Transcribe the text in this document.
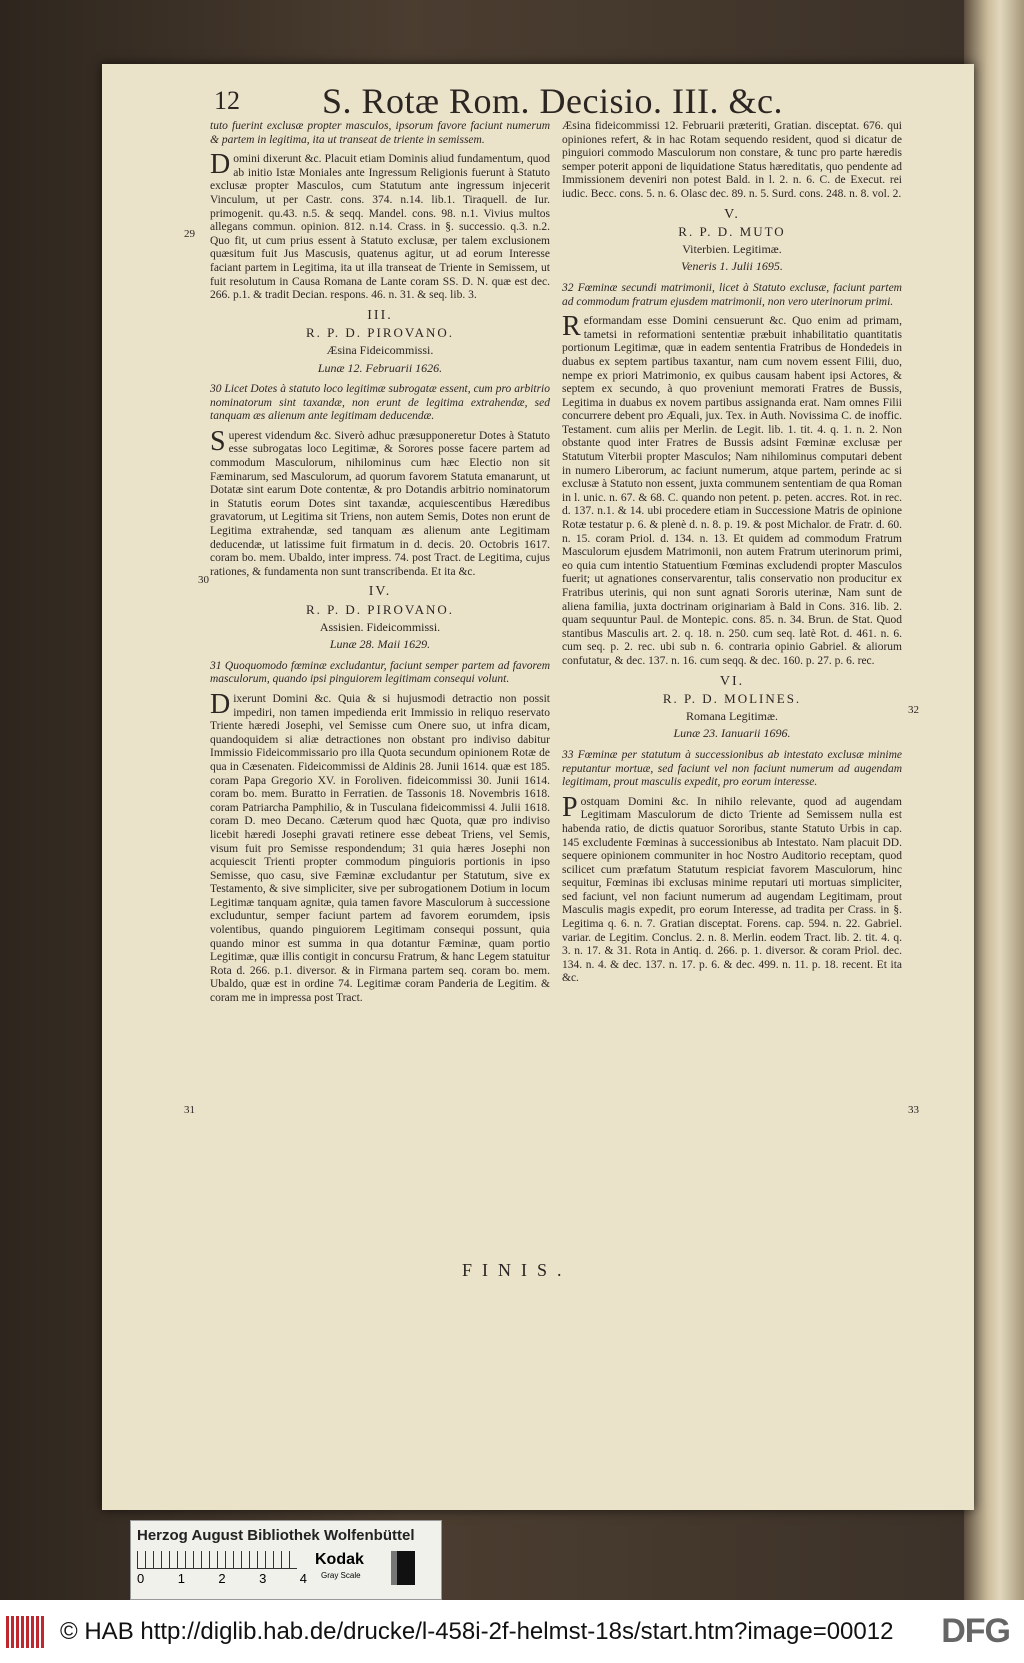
12 S. Rotæ Rom. Decisio. III. &c.

tuto fuerint exclusæ propter masculos, ipsorum favore faciunt numerum & partem in legitima, ita ut transeat de triente in semissem.

Domini dixerunt &c. Placuit etiam Dominis aliud fundamentum, quod ab initio Istæ Moniales ante Ingressum Religionis fuerunt à Statuto exclusæ propter Masculos, cum Statutum ante ingressum injecerit Vinculum, ut per Castr. cons. 374. n.14. lib.1. Tiraquell. de Iur. primogenit. qu.43. n.5. & seqq. Mandel. cons. 98. n.1. Vivius multos allegans commun. opinion. 812. n.14. Crass. in §. successio. q.3. n.2. Quo fit, ut cum prius essent à Statuto exclusæ, per talem exclusionem quæsitum fuit Jus Mascusis, quatenus agitur, ut ad eorum Interesse faciant partem in Legitima, ita ut illa transeat de Triente in Semissem, ut fuit resolutum in Causa Romana de Lante coram SS. D. N. quæ est dec. 266. p.1. & tradit Decian. respons. 46. n. 31. & seq. lib. 3.

III.
R. P. D. PIROVANO.
Æsina Fideicommissi.
Lunæ 12. Februarii 1626.

30 Licet Dotes à statuto loco legitimæ subrogatæ essent, cum pro arbitrio nominatorum sint taxandæ, non erunt de legitima extrahendæ, sed tanquam æs alienum ante legitimam deducendæ.

Superest videndum &c. Siverò adhuc præsupponeretur Dotes à Statuto esse subrogatas loco Legitimæ, & Sorores posse facere partem ad commodum Masculorum, nihilominus cum hæc Electio non sit Fæminarum, sed Masculorum, ad quorum favorem Statuta emanarunt, ut Dotatæ sint earum Dote contentæ, & pro Dotandis arbitrio nominatorum in Statutis eorum Dotes sint taxandæ, acquiescentibus Hæredibus gravatorum, ut Legitima sit Triens, non autem Semis, Dotes non erunt de Legitima extrahendæ, sed tanquam æs alienum ante Legitimam deducendæ, ut latissime fuit firmatum in d. decis. 20. Octobris 1617. coram bo. mem. Ubaldo, inter impress. 74. post Tract. de Legitima, cujus rationes, & fundamenta non sunt transcribenda. Et ita &c.

IV.
R. P. D. PIROVANO.
Assisien. Fideicommissi.
Lunæ 28. Maii 1629.

31 Quoquomodo fœminæ excludantur, faciunt semper partem ad favorem masculorum, quando ipsi pinguiorem legitimam consequi volunt.

Dixerunt Domini &c. Quia & si hujusmodi detractio non possit impediri, non tamen impedienda erit Immissio in reliquo reservato Triente hæredi Josephi, vel Semisse cum Onere suo, ut infra dicam, quandoquidem si aliæ detractiones non obstant pro indiviso dabitur Immissio Fideicommissario pro illa Quota secundum opinionem Rotæ de qua in Cæsenaten. Fideicommissi de Aldinis 28. Junii 1614. quæ est 185. coram Papa Gregorio XV. in Foroliven. fideicommissi 30. Junii 1614. coram bo. mem. Buratto in Ferratien. de Tassonis 18. Novembris 1618. coram Patriarcha Pamphilio, & in Tusculana fideicommissi 4. Julii 1618. coram D. meo Decano. Cæterum quod hæc Quota, quæ pro indiviso licebit hæredi Josephi gravati retinere esse debeat Triens, vel Semis, visum fuit pro Semisse respondendum; 31 quia hæres Josephi non acquiescit Trienti propter commodum pinguioris portionis in ipso Semisse, quo casu, sive Fæminæ excludantur per Statutum, sive ex Testamento, & sive simpliciter, sive per subrogationem Dotium in locum Legitimæ tanquam agnitæ, quia tamen favore Masculorum à successione excluduntur, semper faciunt partem ad favorem eorumdem, ipsis volentibus, quando pinguiorem Legitimam consequi possunt, quia quando minor est summa in qua dotantur Fæminæ, quam portio Legitimæ, quæ illis contigit in concursu Fratrum, & hanc Legem statuitur Rota d. 266. p.1. diversor. & in Firmana partem seq. coram bo. mem. Ubaldo, quæ est in ordine 74. Legitimæ coram Panderia de Legitim. & coram me in impressa post Tract.

Æsina fideicommissi 12. Februarii præteriti, Gratian. disceptat. 676. qui opiniones refert, & in hac Rotam sequendo resident, quod si dicatur de pinguiori commodo Masculorum non constare, & tunc pro parte hæredis semper poterit apponi de liquidatione Status hæreditatis, quo pendente ad Immissionem deveniri non potest Bald. in l. 2. n. 6. C. de Execut. rei iudic. Becc. cons. 5. n. 6. Olasc dec. 89. n. 5. Surd. cons. 248. n. 8. vol. 2.

V.
R. P. D. MUTO
Viterbien. Legitimæ.
Veneris 1. Julii 1695.

32 Fœminæ secundi matrimonii, licet à Statuto exclusæ, faciunt partem ad commodum fratrum ejusdem matrimonii, non vero uterinorum primi.

Reformandam esse Domini censuerunt &c. Quo enim ad primam, tametsi in reformationi sententiæ præbuit inhabilitatio quantitatis portionum Legitimæ, quæ in eadem sententia Fratribus de Hondedeis in duabus ex septem partibus taxantur, nam cum novem essent Filii, duo, nempe ex priori Matrimonio, ex quibus causam habent ipsi Actores, & septem ex secundo, à quo proveniunt memorati Fratres de Bussis, Legitima in duabus ex novem partibus assignanda erat. Nam omnes Filii concurrere debent pro Æquali, jux. Tex. in Auth. Novissima C. de inoffic. Testament. cum aliis per Merlin. de Legit. lib. 1. tit. 4. q. 1. n. 2. Non obstante quod inter Fratres de Bussis adsint Fœminæ exclusæ per Statutum Viterbii propter Masculos; Nam nihilominus computari debent in numero Liberorum, ac faciunt numerum, atque partem, perinde ac si exclusæ à Statuto non essent, juxta communem sententiam de qua Roman in l. unic. n. 67. & 68. C. quando non petent. p. peten. accres. Rot. in rec. d. 137. n.1. & 14. ubi procedere etiam in Successione Matris de opinione Rotæ testatur p. 6. & plenè d. n. 8. p. 19. & post Michalor. de Fratr. d. 60. n. 15. coram Priol. d. 134. n. 13. Et quidem ad commodum Fratrum Masculorum ejusdem Matrimonii, non autem Fratrum uterinorum primi, eo quia cum intentio Statuentium Fœminas excludendi propter Masculos fuerit; ut agnationes conservarentur, talis conservatio non producitur ex Fratribus uterinis, qui non sunt agnati Sororis uterinæ, Nam sunt de aliena familia, juxta doctrinam originariam à Bald in Cons. 316. lib. 2. quam sequuntur Paul. de Montepic. cons. 85. n. 34. Brun. de Stat. Quod stantibus Masculis art. 2. q. 18. n. 250. cum seq. latè Rot. d. 461. n. 6. cum seq. p. 2. rec. ubi sub n. 6. contraria opinio Gabriel. & aliorum confutatur, & dec. 137. n. 16. cum seqq. & dec. 160. p. 27. p. 6. rec.

VI.
R. P. D. MOLINES.
Romana Legitimæ.
Lunæ 23. Ianuarii 1696.

33 Fœminæ per statutum à successionibus ab intestato exclusæ minime reputantur mortuæ, sed faciunt vel non faciunt numerum ad augendam legitimam, prout masculis expedit, pro eorum interesse.

Postquam Domini &c. In nihilo relevante, quod ad augendam Legitimam Masculorum de dicto Triente ad Semissem nulla est habenda ratio, de dictis quatuor Sororibus, stante Statuto Urbis in cap. 145 excludente Fœminas à successionibus ab Intestato. Nam placuit DD. sequere opinionem communiter in hoc Nostro Auditorio receptam, quod scilicet cum præfatum Statutum respiciat favorem Masculorum, hinc sequitur, Fœminas ibi exclusas minime reputari uti mortuas simpliciter, sed faciunt, vel non faciunt numerum ad augendam Legitimam, prout Masculis magis expedit, pro eorum Interesse, ad tradita per Crass. in §. Legitima q. 6. n. 7. Gratian disceptat. Forens. cap. 594. n. 22. Gabriel. variar. de Legitim. Conclus. 2. n. 8. Merlin. eodem Tract. lib. 2. tit. 4. q. 3. n. 17. & 31. Rota in Antiq. d. 266. p. 1. diversor. & coram Priol. dec. 134. n. 4. & dec. 137. n. 17. p. 6. & dec. 499. n. 11. p. 18. recent. Et ita &c.

29
30
31
32
33
FINIS.
Herzog August Bibliothek Wolfenbüttel
0	1	2	3	4
Kodak
Gray Scale
© HAB http://diglib.hab.de/drucke/l-458i-2f-helmst-18s/start.htm?image=00012 DFG
